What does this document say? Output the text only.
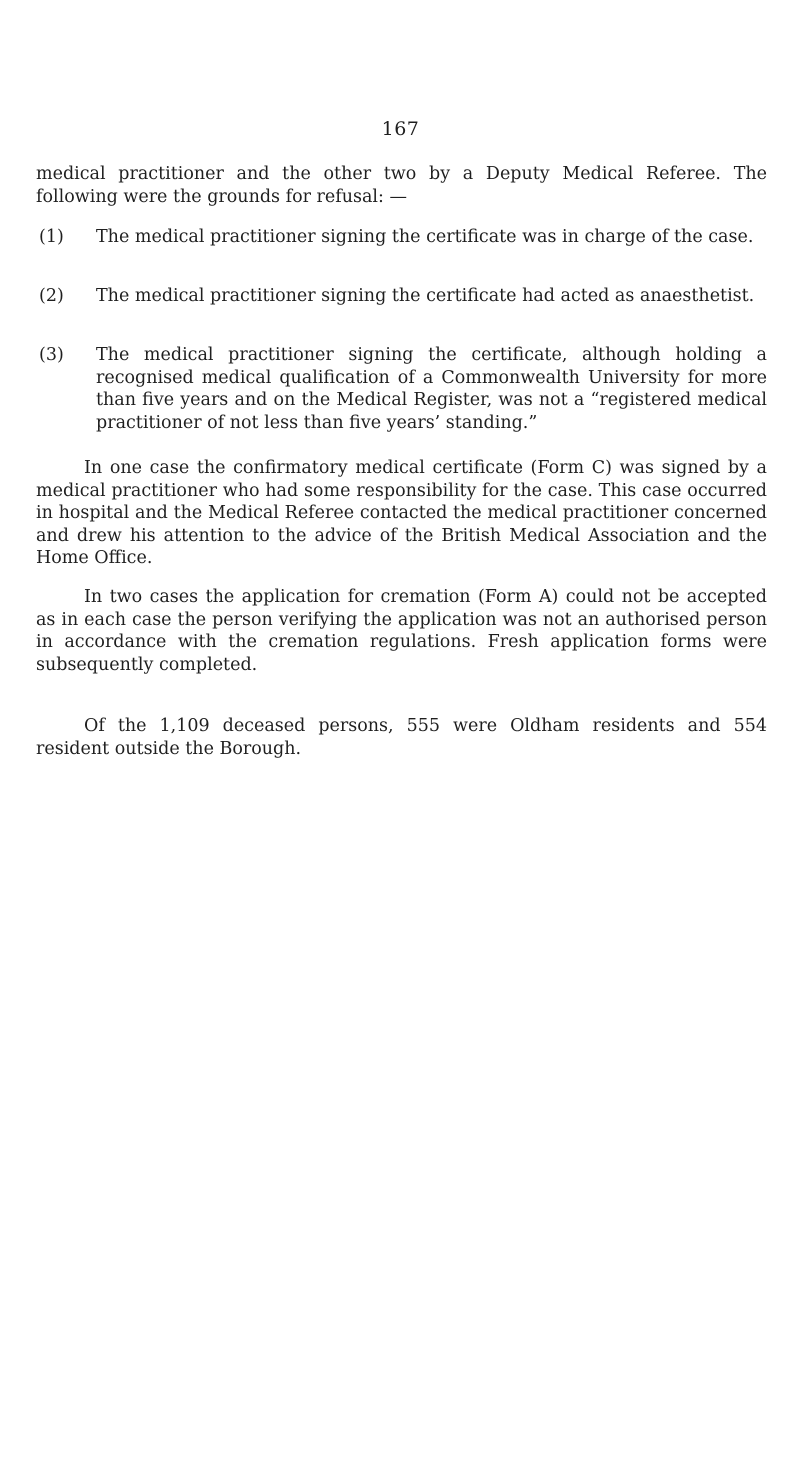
167
medical practitioner and the other two by a Deputy Medical Referee. The following were the grounds for refusal: —
(1) The medical practitioner signing the certificate was in charge of the case.
(2) The medical practitioner signing the certificate had acted as anaesthetist.
(3) The medical practitioner signing the certificate, although holding a recognised medical qualification of a Commonwealth University for more than five years and on the Medical Register, was not a “registered medical practitioner of not less than five years’ standing.”
In one case the confirmatory medical certificate (Form C) was signed by a medical practitioner who had some responsibility for the case. This case occurred in hospital and the Medical Referee contacted the medical practitioner concerned and drew his attention to the advice of the British Medical Association and the Home Office.
In two cases the application for cremation (Form A) could not be accepted as in each case the person verifying the application was not an authorised person in accordance with the cremation regulations. Fresh application forms were subsequently completed.
Of the 1,109 deceased persons, 555 were Oldham residents and 554 resident outside the Borough.
